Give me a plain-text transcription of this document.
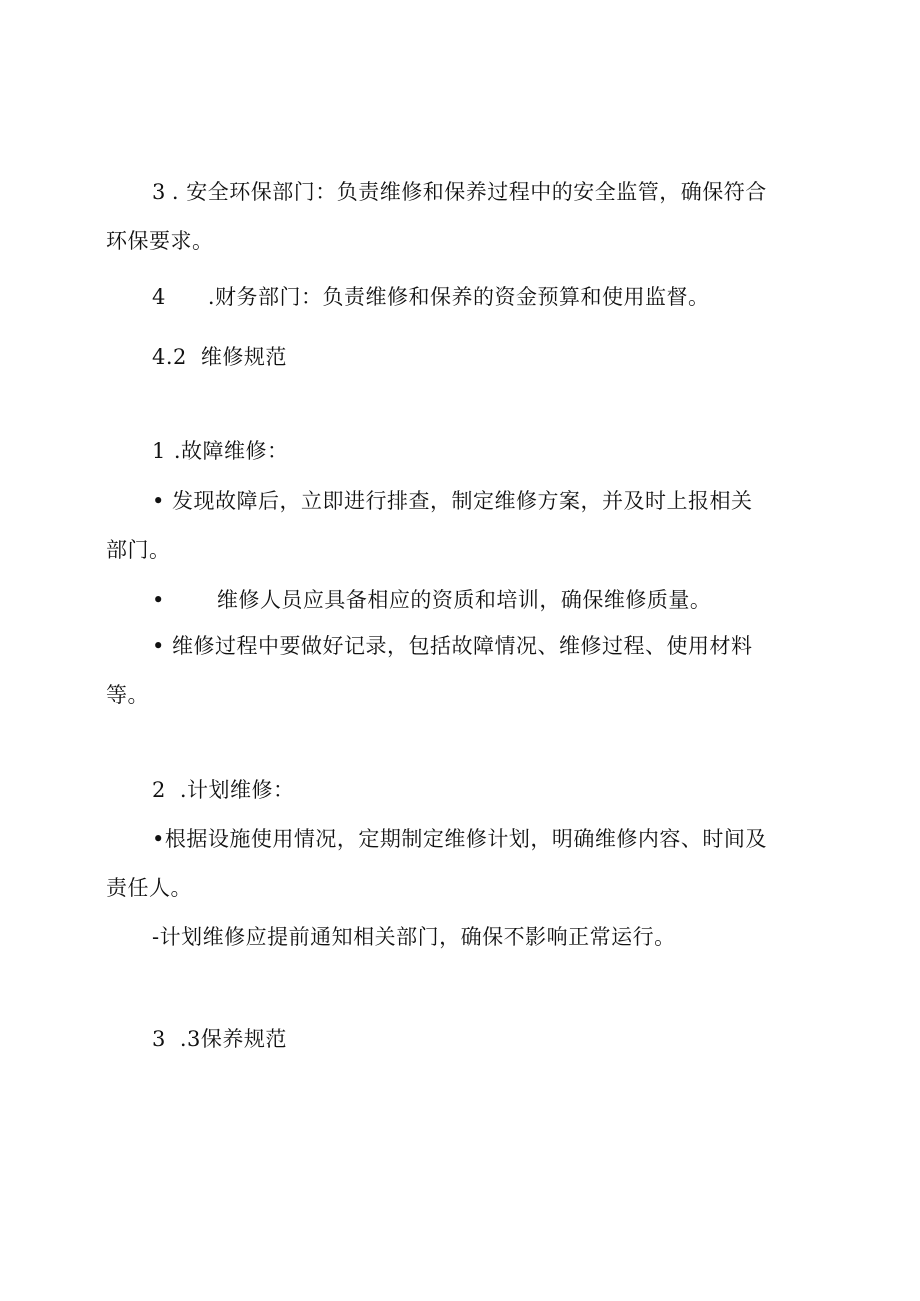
3 . 安全环保部门：负责维修和保养过程中的安全监管，确保符合
环保要求。
4 .财务部门：负责维修和保养的资金预算和使用监督。
4.2 维修规范
1 .故障维修：
• 发现故障后，立即进行排查，制定维修方案，并及时上报相关
部门。
• 维修人员应具备相应的资质和培训，确保维修质量。
• 维修过程中要做好记录，包括故障情况、维修过程、使用材料
等。
2 .计划维修：
•根据设施使用情况，定期制定维修计划，明确维修内容、时间及
责任人。
-计划维修应提前通知相关部门，确保不影响正常运行。
3 .3保养规范
